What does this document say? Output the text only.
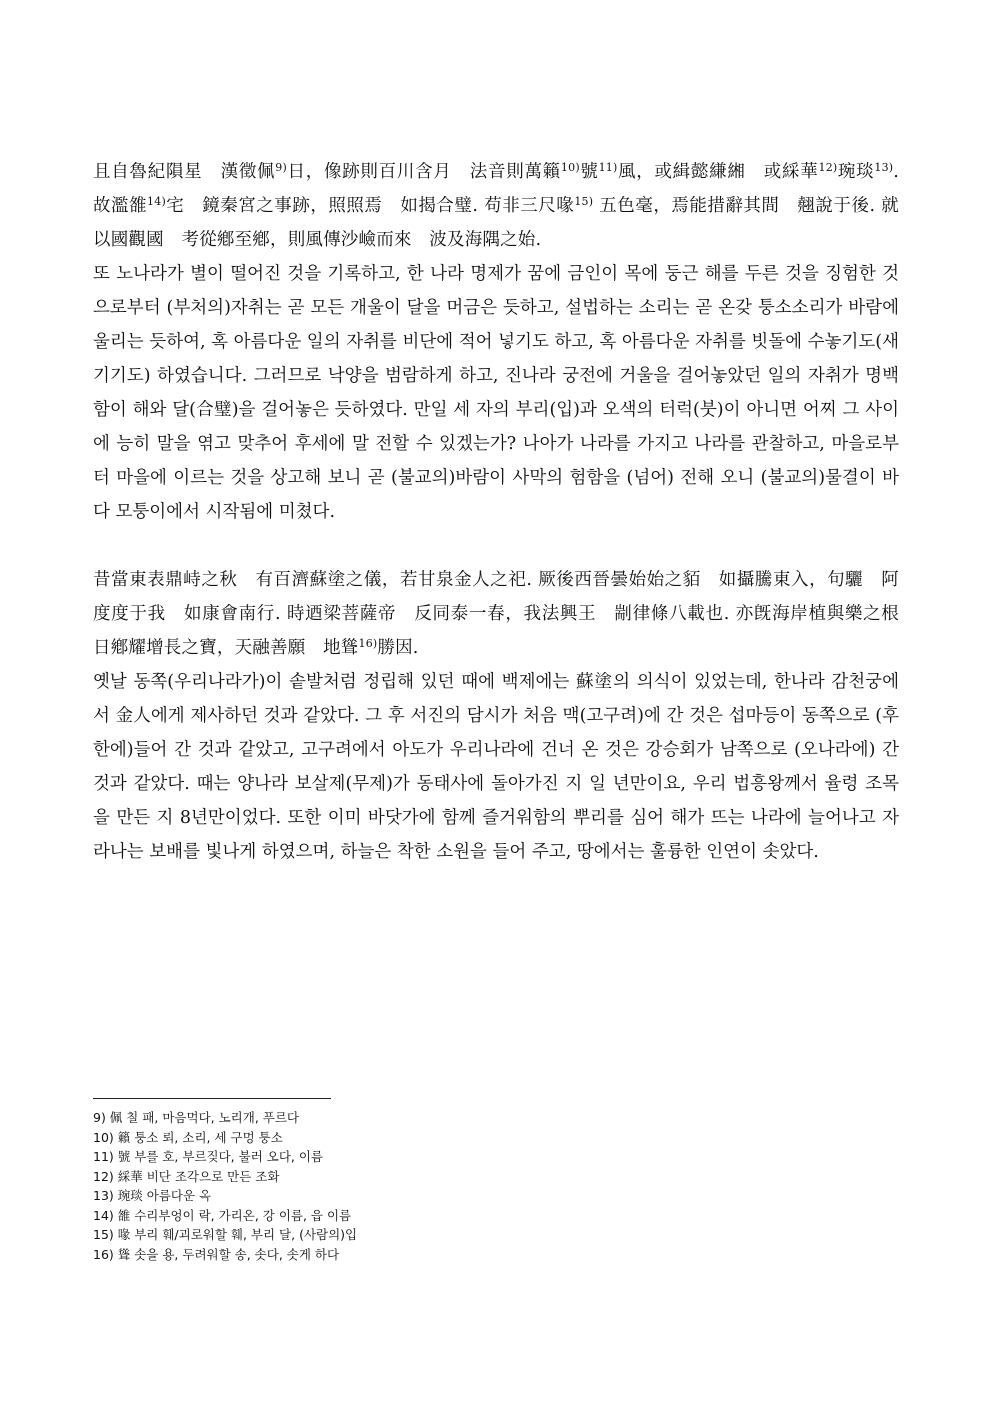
且自魯紀隕星　漢徵佩$^{9)}$日，像跡則百川含月　法音則萬籟$^{10)}$號$^{11)}$風，或緝懿縑緗　或綵華$^{12)}$琬琰$^{13)}$. 故濫雒$^{14)}$宅　鏡秦宮之事跡，照照焉　如揭合璧. 苟非三尺喙$^{15)}$ 五色毫，焉能措辭其間　翹說于後. 就以國觀國　考從鄕至鄕，則風傳沙嶮而來　波及海隅之始.

또 노나라가 별이 떨어진 것을 기록하고, 한 나라 명제가 꿈에 금인이 목에 둥근 해를 두른 것을 징험한 것으로부터 (부처의)자취는 곧 모든 개울이 달을 머금은 듯하고, 설법하는 소리는 곧 온갖 퉁소소리가 바람에 울리는 듯하여, 혹 아름다운 일의 자취를 비단에 적어 넣기도 하고, 혹 아름다운 자취를 빗돌에 수놓기도(새기기도) 하였습니다. 그러므로 낙양을 범람하게 하고, 진나라 궁전에 거울을 걸어놓았던 일의 자취가 명백함이 해와 달(合璧)을 걸어놓은 듯하였다. 만일 세 자의 부리(입)과 오색의 터럭(붓)이 아니면 어찌 그 사이에 능히 말을 엮고 맞추어 후세에 말 전할 수 있겠는가? 나아가 나라를 가지고 나라를 관찰하고, 마을로부터 마을에 이르는 것을 상고해 보니 곧 (불교의)바람이 사막의 험함을 (넘어) 전해 오니 (불교의)물결이 바다 모퉁이에서 시작됨에 미쳤다.

昔當東表鼎峙之秋　有百濟蘇塗之儀，若甘泉金人之祀. 厥後西晉曇始始之貊　如攝騰東入，句驪　阿度度于我　如康會南行. 時迺梁菩薩帝　反同泰一春，我法興王　剬律條八載也. 亦旣海岸植與樂之根　日鄕耀增長之寶，天融善願　地聳$^{16)}$勝因.

옛날 동쪽(우리나라가)이 솥발처럼 정립해 있던 때에 백제에는 蘇塗의 의식이 있었는데, 한나라 감천궁에서 金人에게 제사하던 것과 같았다. 그 후 서진의 담시가 처음 맥(고구려)에 간 것은 섭마등이 동쪽으로 (후한에)들어 간 것과 같았고, 고구려에서 아도가 우리나라에 건너 온 것은 강승회가 남쪽으로 (오나라에) 간 것과 같았다. 때는 양나라 보살제(무제)가 동태사에 돌아가진 지 일 년만이요, 우리 법흥왕께서 율령 조목을 만든 지 8년만이었다. 또한 이미 바닷가에 함께 즐거워함의 뿌리를 심어 해가 뜨는 나라에 늘어나고 자라나는 보배를 빛나게 하였으며, 하늘은 착한 소원을 들어 주고, 땅에서는 훌륭한 인연이 솟았다.

9) 佩 칠 패, 마음먹다, 노리개, 푸르다

10) 籟 퉁소 뢰, 소리, 세 구멍 퉁소

11) 號 부를 호, 부르짖다, 불러 오다, 이름

12) 綵華 비단 조각으로 만든 조화

13) 琬琰 아름다운 옥

14) 雒 수리부엉이 락, 가리온, 강 이름, 읍 이름

15) 喙 부리 훼/괴로워할 훼, 부리 달, (사람의)입

16) 聳 솟을 용, 두려워할 송, 솟다, 솟게 하다
